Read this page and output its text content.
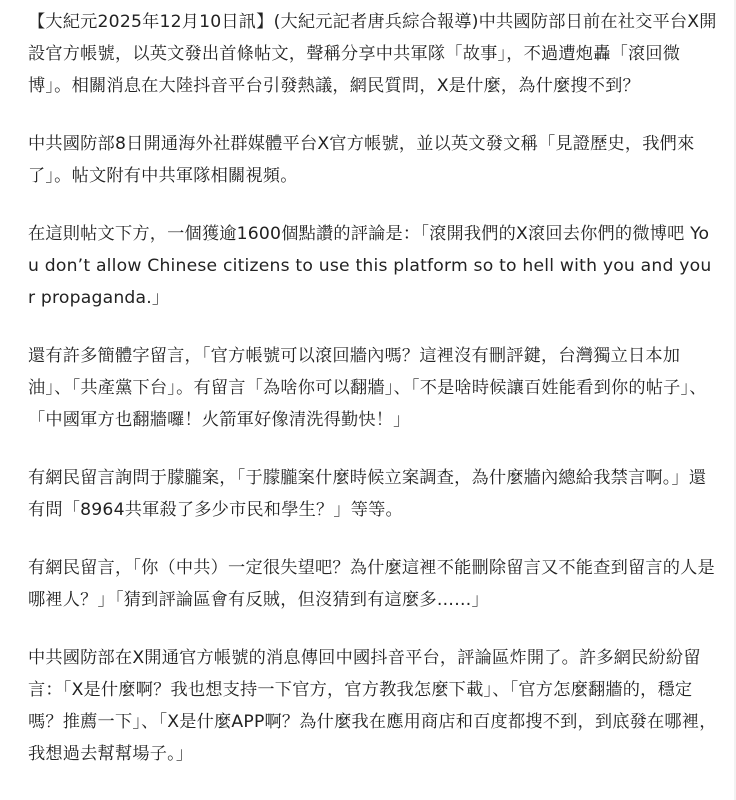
【大紀元2025年12月10日訊】(大紀元記者唐兵綜合報導)中共國防部日前在社交平台X開設官方帳號，以英文發出首條帖文，聲稱分享中共軍隊「故事」，不過遭炮轟「滾回微博」。相關消息在大陸抖音平台引發熱議，網民質問，X是什麼，為什麼搜不到？

中共國防部8日開通海外社群媒體平台X官方帳號，並以英文發文稱「見證歷史，我們來了」。帖文附有中共軍隊相關視頻。

在這則帖文下方，一個獲逾1600個點讚的評論是：「滾開我們的X滾回去你們的微博吧 You don’t allow Chinese citizens to use this platform so to hell with you and your propaganda.」

還有許多簡體字留言，「官方帳號可以滾回牆內嗎？這裡沒有刪評鍵，台灣獨立日本加油」、「共產黨下台」。有留言「為啥你可以翻牆」、「不是啥時候讓百姓能看到你的帖子」、「中國軍方也翻牆囉！火箭軍好像清洗得勤快！」

有網民留言詢問于朦朧案，「于朦朧案什麼時候立案調查，為什麼牆內總給我禁言啊。」還有問「8964共軍殺了多少市民和學生？」等等。

有網民留言，「你（中共）一定很失望吧？為什麼這裡不能刪除留言又不能查到留言的人是哪裡人？」「猜到評論區會有反賊，但沒猜到有這麼多……」

中共國防部在X開通官方帳號的消息傳回中國抖音平台，評論區炸開了。許多網民紛紛留言：「X是什麼啊？我也想支持一下官方，官方教我怎麼下載」、「官方怎麼翻牆的，穩定嗎？推薦一下」、「X是什麼APP啊？為什麼我在應用商店和百度都搜不到，到底發在哪裡，我想過去幫幫場子。」
